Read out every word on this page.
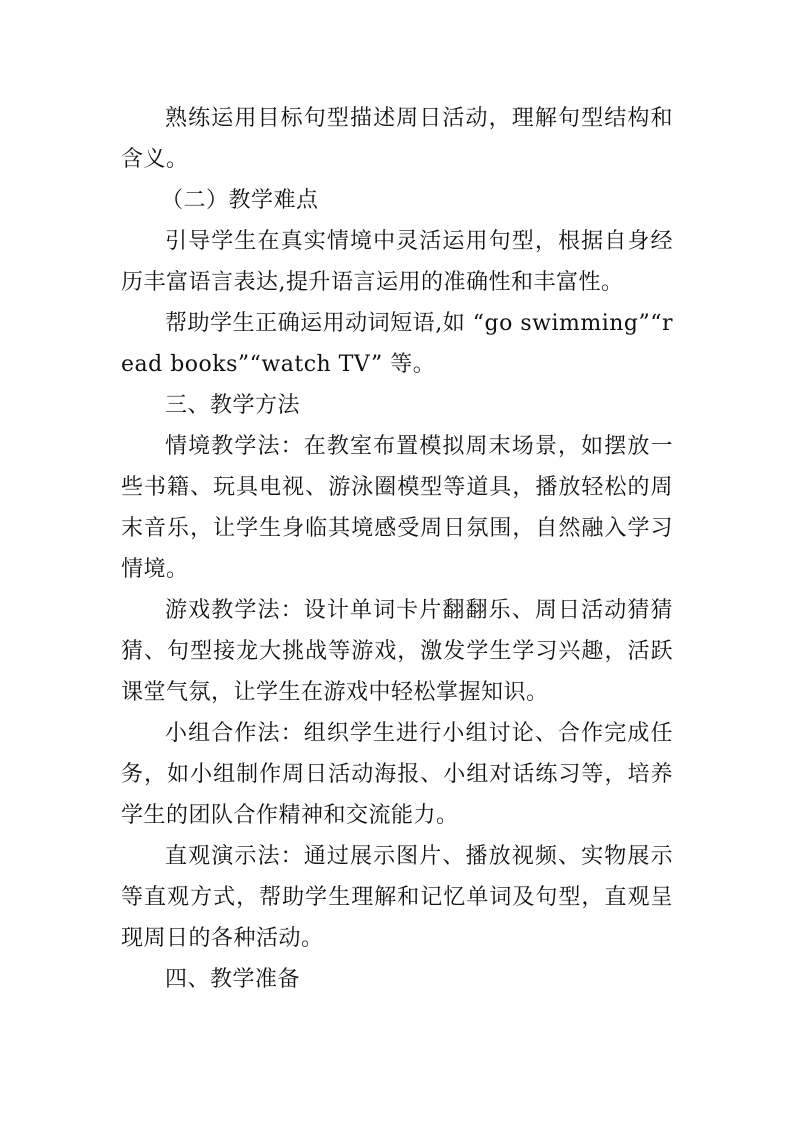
熟练运用目标句型描述周日活动，理解句型结构和含义。

（二）教学难点

引导学生在真实情境中灵活运用句型，根据自身经历丰富语言表达,提升语言运用的准确性和丰富性。

帮助学生正确运用动词短语,如 “go swimming”“read books”“watch TV” 等。

三、教学方法

情境教学法：在教室布置模拟周末场景，如摆放一些书籍、玩具电视、游泳圈模型等道具，播放轻松的周末音乐，让学生身临其境感受周日氛围，自然融入学习情境。

游戏教学法：设计单词卡片翻翻乐、周日活动猜猜猜、句型接龙大挑战等游戏，激发学生学习兴趣，活跃课堂气氛，让学生在游戏中轻松掌握知识。

小组合作法：组织学生进行小组讨论、合作完成任务，如小组制作周日活动海报、小组对话练习等，培养学生的团队合作精神和交流能力。

直观演示法：通过展示图片、播放视频、实物展示等直观方式，帮助学生理解和记忆单词及句型，直观呈现周日的各种活动。

四、教学准备
